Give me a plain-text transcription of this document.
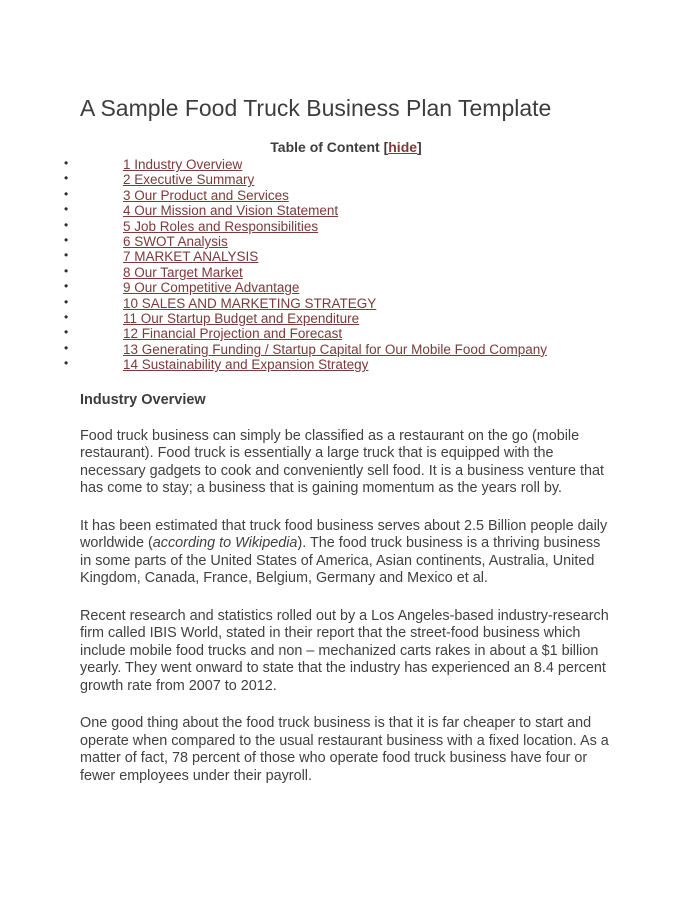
A Sample Food Truck Business Plan Template
Table of Content [hide]
•	1 Industry Overview
•	2 Executive Summary
•	3 Our Product and Services
•	4 Our Mission and Vision Statement
•	5 Job Roles and Responsibilities
•	6 SWOT Analysis
•	7 MARKET ANALYSIS
•	8 Our Target Market
•	9 Our Competitive Advantage
•	10 SALES AND MARKETING STRATEGY
•	11 Our Startup Budget and Expenditure
•	12 Financial Projection and Forecast
•	13 Generating Funding / Startup Capital for Our Mobile Food Company
•	14 Sustainability and Expansion Strategy
Industry Overview

Food truck business can simply be classified as a restaurant on the go (mobile restaurant). Food truck is essentially a large truck that is equipped with the necessary gadgets to cook and conveniently sell food. It is a business venture that has come to stay; a business that is gaining momentum as the years roll by.

It has been estimated that truck food business serves about 2.5 Billion people daily worldwide (according to Wikipedia). The food truck business is a thriving business in some parts of the United States of America, Asian continents, Australia, United Kingdom, Canada, France, Belgium, Germany and Mexico et al.

Recent research and statistics rolled out by a Los Angeles-based industry-research firm called IBIS World, stated in their report that the street-food business which include mobile food trucks and non – mechanized carts rakes in about a $1 billion yearly. They went onward to state that the industry has experienced an 8.4 percent growth rate from 2007 to 2012.

One good thing about the food truck business is that it is far cheaper to start and operate when compared to the usual restaurant business with a fixed location. As a matter of fact, 78 percent of those who operate food truck business have four or fewer employees under their payroll.
